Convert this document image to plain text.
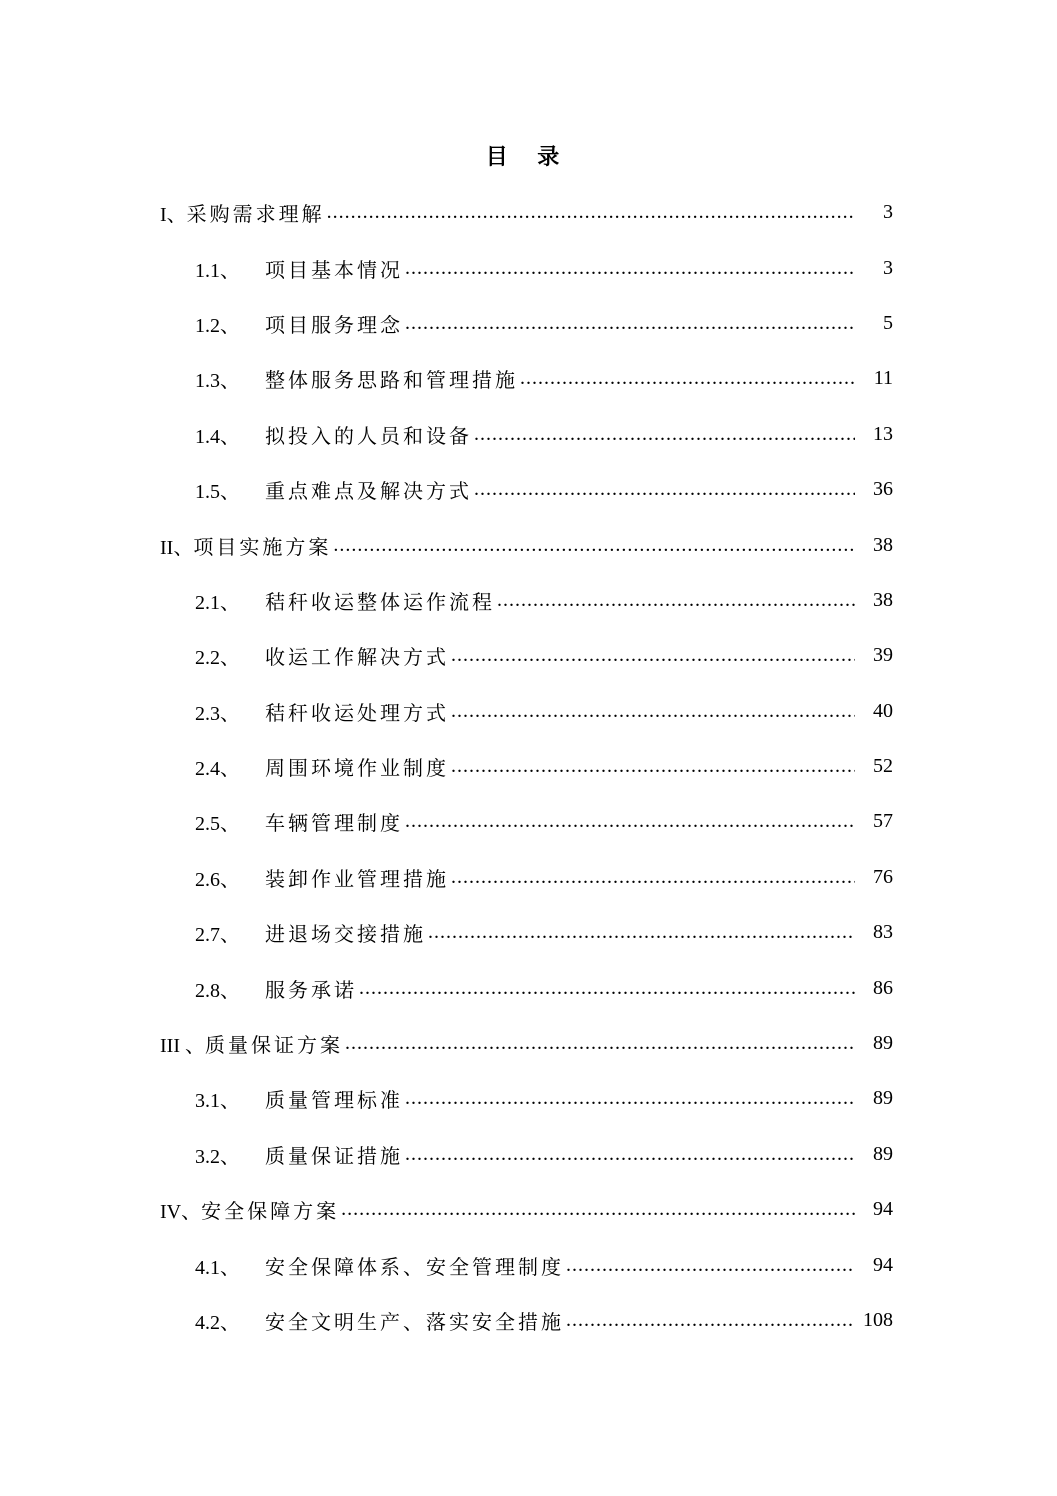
目 录
I、 采购需求理解 .....	3
1.1、	项目基本情况 .....	3
1.2、	项目服务理念 .....	5
1.3、	整体服务思路和管理措施 .....	11
1.4、	拟投入的人员和设备 .....	13
1.5、	重点难点及解决方式 .....	36
II、 项目实施方案 .....	38
2.1、	秸秆收运整体运作流程 .....	38
2.2、	收运工作解决方式 .....	39
2.3、	秸秆收运处理方式 .....	40
2.4、	周围环境作业制度 .....	52
2.5、	车辆管理制度 .....	57
2.6、	装卸作业管理措施 .....	76
2.7、	进退场交接措施 .....	83
2.8、	服务承诺 .....	86
III 、 质量保证方案 .....	89
3.1、	质量管理标准 .....	89
3.2、	质量保证措施 .....	89
IV、 安全保障方案 .....	94
4.1、	安全保障体系、安全管理制度 .....	94
4.2、	安全文明生产、落实安全措施 .....	108
